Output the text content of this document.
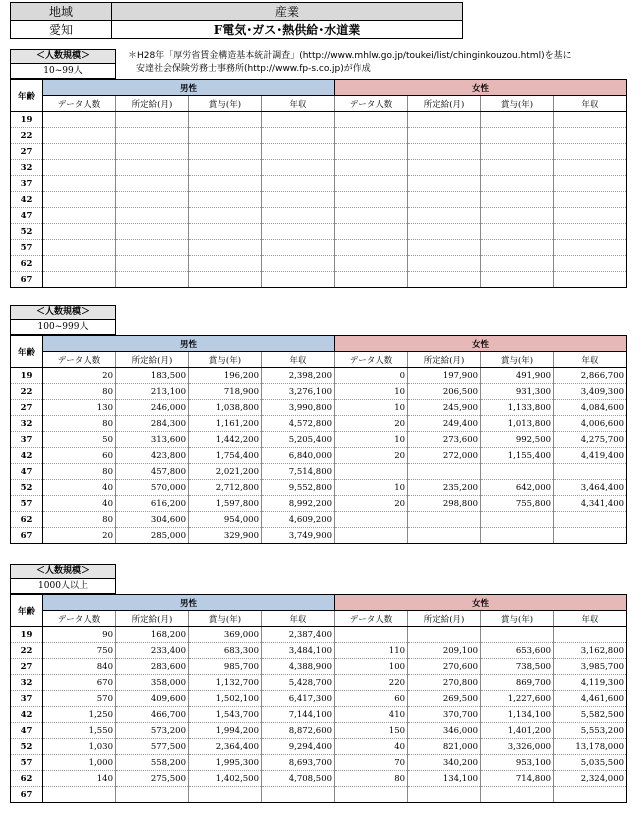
地域	産業
愛知	F電気･ガス･熱供給･水道業
＊H28年「厚労省賃金構造基本統計調査」(http://www.mhlw.go.jp/toukei/list/chinginkouzou.html)を基に
安達社会保険労務士事務所(http://www.fp-s.co.jp)が作成
＜人数規模＞
10~99人
年齢	男性				女性			
	データ人数	所定給(月)	賞与(年)	年収	データ人数	所定給(月)	賞与(年)	年収
19								
22								
27								
32								
37								
42								
47								
52								
57								
62								
67								
＜人数規模＞
100~999人
年齢	男性				女性			
	データ人数	所定給(月)	賞与(年)	年収	データ人数	所定給(月)	賞与(年)	年収
19	20	183,500	196,200	2,398,200	0	197,900	491,900	2,866,700
22	80	213,100	718,900	3,276,100	10	206,500	931,300	3,409,300
27	130	246,000	1,038,800	3,990,800	10	245,900	1,133,800	4,084,600
32	80	284,300	1,161,200	4,572,800	20	249,400	1,013,800	4,006,600
37	50	313,600	1,442,200	5,205,400	10	273,600	992,500	4,275,700
42	60	423,800	1,754,400	6,840,000	20	272,000	1,155,400	4,419,400
47	80	457,800	2,021,200	7,514,800				
52	40	570,000	2,712,800	9,552,800	10	235,200	642,000	3,464,400
57	40	616,200	1,597,800	8,992,200	20	298,800	755,800	4,341,400
62	80	304,600	954,000	4,609,200				
67	20	285,000	329,900	3,749,900				
＜人数規模＞
1000人以上
年齢	男性				女性			
	データ人数	所定給(月)	賞与(年)	年収	データ人数	所定給(月)	賞与(年)	年収
19	90	168,200	369,000	2,387,400				
22	750	233,400	683,300	3,484,100	110	209,100	653,600	3,162,800
27	840	283,600	985,700	4,388,900	100	270,600	738,500	3,985,700
32	670	358,000	1,132,700	5,428,700	220	270,800	869,700	4,119,300
37	570	409,600	1,502,100	6,417,300	60	269,500	1,227,600	4,461,600
42	1,250	466,700	1,543,700	7,144,100	410	370,700	1,134,100	5,582,500
47	1,550	573,200	1,994,200	8,872,600	150	346,000	1,401,200	5,553,200
52	1,030	577,500	2,364,400	9,294,400	40	821,000	3,326,000	13,178,000
57	1,000	558,200	1,995,300	8,693,700	70	340,200	953,100	5,035,500
62	140	275,500	1,402,500	4,708,500	80	134,100	714,800	2,324,000
67								
